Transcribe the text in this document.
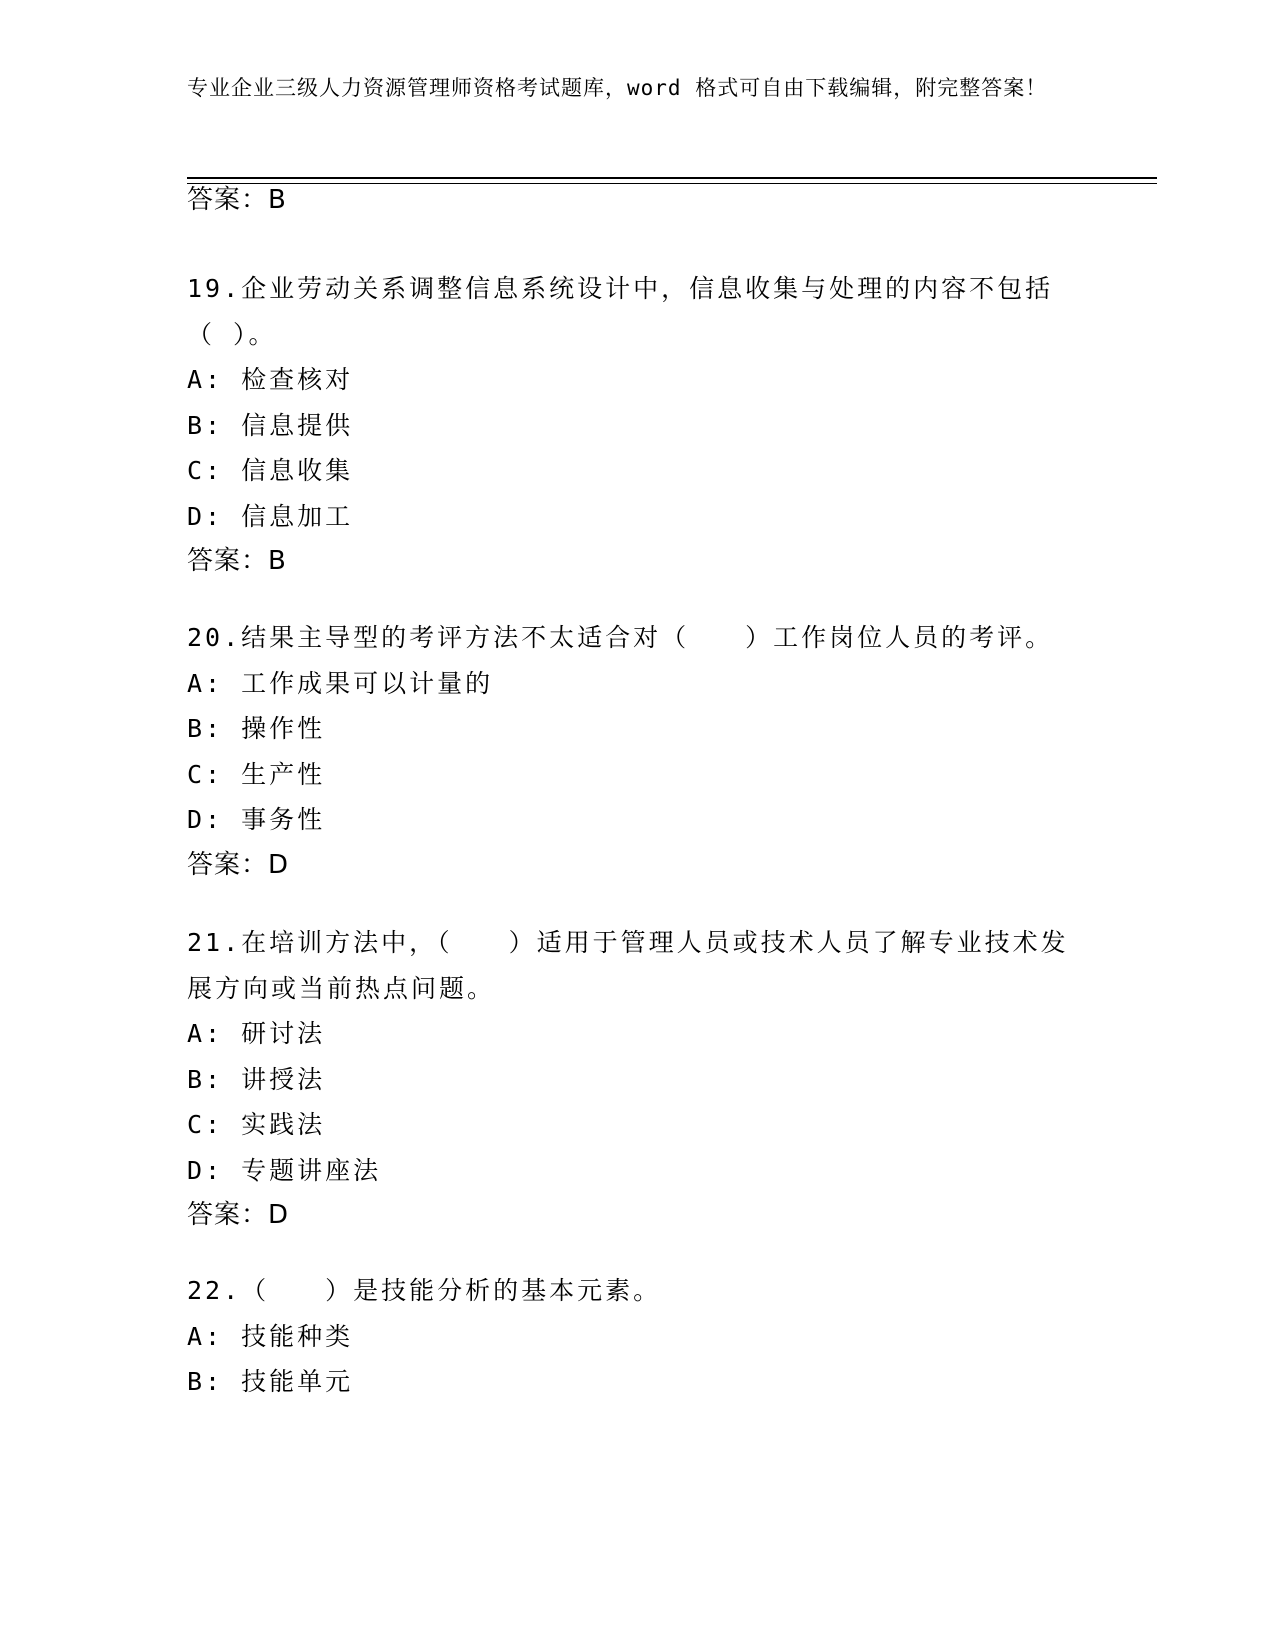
专业企业三级人力资源管理师资格考试题库，word 格式可自由下载编辑，附完整答案！
答案：B
19.企业劳动关系调整信息系统设计中，信息收集与处理的内容不包括（ ）。
A: 检查核对
B: 信息提供
C: 信息收集
D: 信息加工
答案：B
20.结果主导型的考评方法不太适合对（　　）工作岗位人员的考评。
A: 工作成果可以计量的
B: 操作性
C: 生产性
D: 事务性
答案：D
21.在培训方法中，（　　）适用于管理人员或技术人员了解专业技术发展方向或当前热点问题。
A: 研讨法
B: 讲授法
C: 实践法
D: 专题讲座法
答案：D
22.（　　）是技能分析的基本元素。
A: 技能种类
B: 技能单元
